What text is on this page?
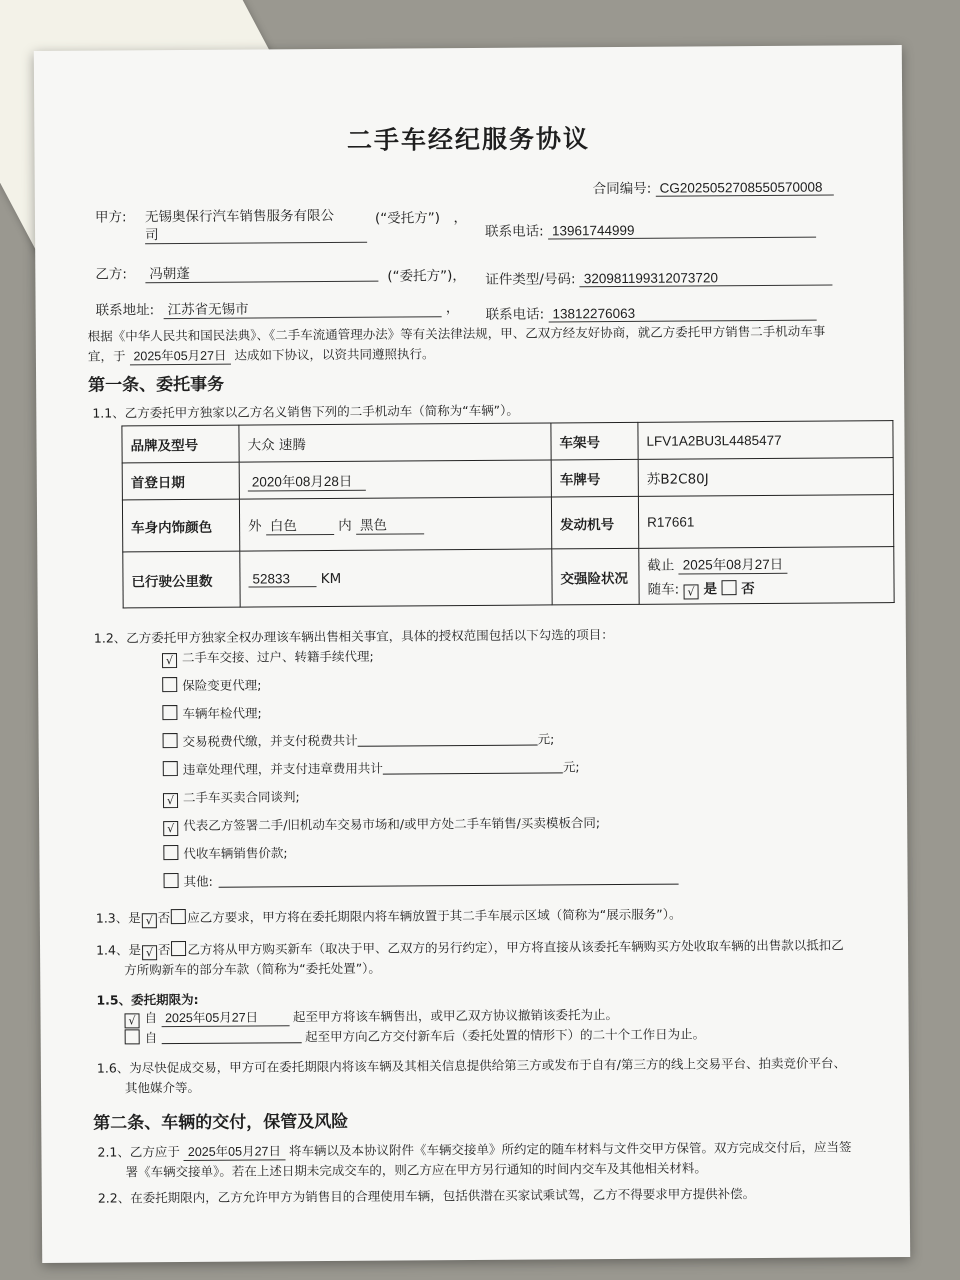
二手车经纪服务协议
合同编号: CG2025052708550570008
甲方: 无锡奥保行汽车销售服务有限公
司
(“受托方”)　，
联系电话: 13961744999
乙方: 冯朝蓬	(“委托方”)， 证件类型/号码: 320981199312073720
联系地址: 江苏省无锡市	， 联系电话: 13812276063
根据《中华人民共和国民法典》、《二手车流通管理办法》等有关法律法规，甲、乙双方经友好协商，就乙方委托甲方销售二手机动车事
宜，于 2025年05月27日 达成如下协议，以资共同遵照执行。
第一条、委托事务
1.1、乙方委托甲方独家以乙方名义销售下列的二手机动车（简称为“车辆”）。
品牌及型号	大众 速腾	车架号	LFV1A2BU3L4485477
首登日期	2020年08月28日	车牌号	苏B2C80J
车身内饰颜色	外 白色 内 黑色	发动机号	R17661
已行驶公里数	52833 KM	交强险状况	截止 2025年08月27日
随车: √ 是 否
1.2、乙方委托甲方独家全权办理该车辆出售相关事宜，具体的授权范围包括以下勾选的项目：
√ 二手车交接、过户、转籍手续代理;
保险变更代理;
车辆年检代理;
交易税费代缴，并支付税费共计	元;
违章处理代理，并支付违章费用共计	元;
√ 二手车买卖合同谈判;
√ 代表乙方签署二手/旧机动车交易市场和/或甲方处二手车销售/买卖模板合同;
代收车辆销售价款;
其他:
1.3、是 √ 否 应乙方要求，甲方将在委托期限内将车辆放置于其二手车展示区域（简称为“展示服务”）。
1.4、是 √ 否 乙方将从甲方购买新车（取决于甲、乙双方的另行约定），甲方将直接从该委托车辆购买方处收取车辆的出售款以抵扣乙
方所购新车的部分车款（简称为“委托处置”）。
1.5、委托期限为:
√ 自 2025年05月27日	起至甲方将该车辆售出，或甲乙双方协议撤销该委托为止。
自	起至甲方向乙方交付新车后（委托处置的情形下）的二十个工作日为止。
1.6、为尽快促成交易，甲方可在委托期限内将该车辆及其相关信息提供给第三方或发布于自有/第三方的线上交易平台、拍卖竞价平台、
其他媒介等。
第二条、车辆的交付，保管及风险
2.1、乙方应于 2025年05月27日 将车辆以及本协议附件《车辆交接单》所约定的随车材料与文件交甲方保管。双方完成交付后，应当签
署《车辆交接单》。若在上述日期未完成交车的，则乙方应在甲方另行通知的时间内交车及其他相关材料。
2.2、在委托期限内，乙方允许甲方为销售目的合理使用车辆，包括供潜在买家试乘试驾，乙方不得要求甲方提供补偿。
